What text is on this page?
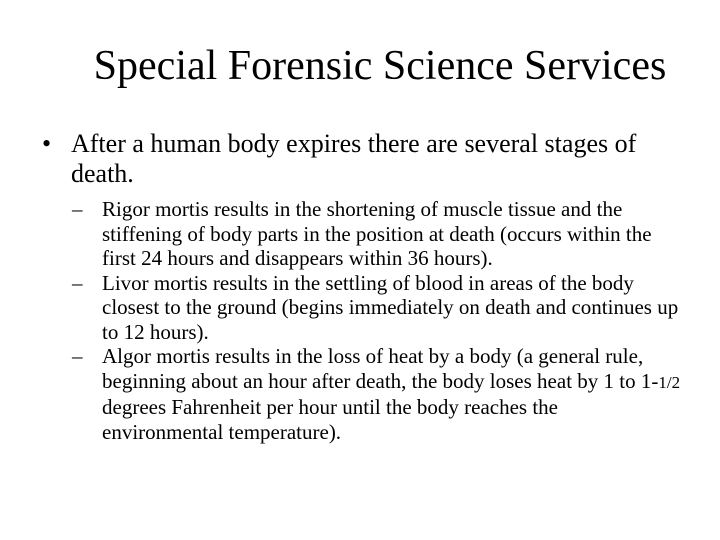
Special Forensic Science Services
• After a human body expires there are several stages of death.
– Rigor mortis results in the shortening of muscle tissue and the stiffening of body parts in the position at death (occurs within the first 24 hours and disappears within 36 hours).
– Livor mortis results in the settling of blood in areas of the body closest to the ground (begins immediately on death and continues up to 12 hours).
– Algor mortis results in the loss of heat by a body (a general rule, beginning about an hour after death, the body loses heat by 1 to 1-1/2 degrees Fahrenheit per hour until the body reaches the environmental temperature).
